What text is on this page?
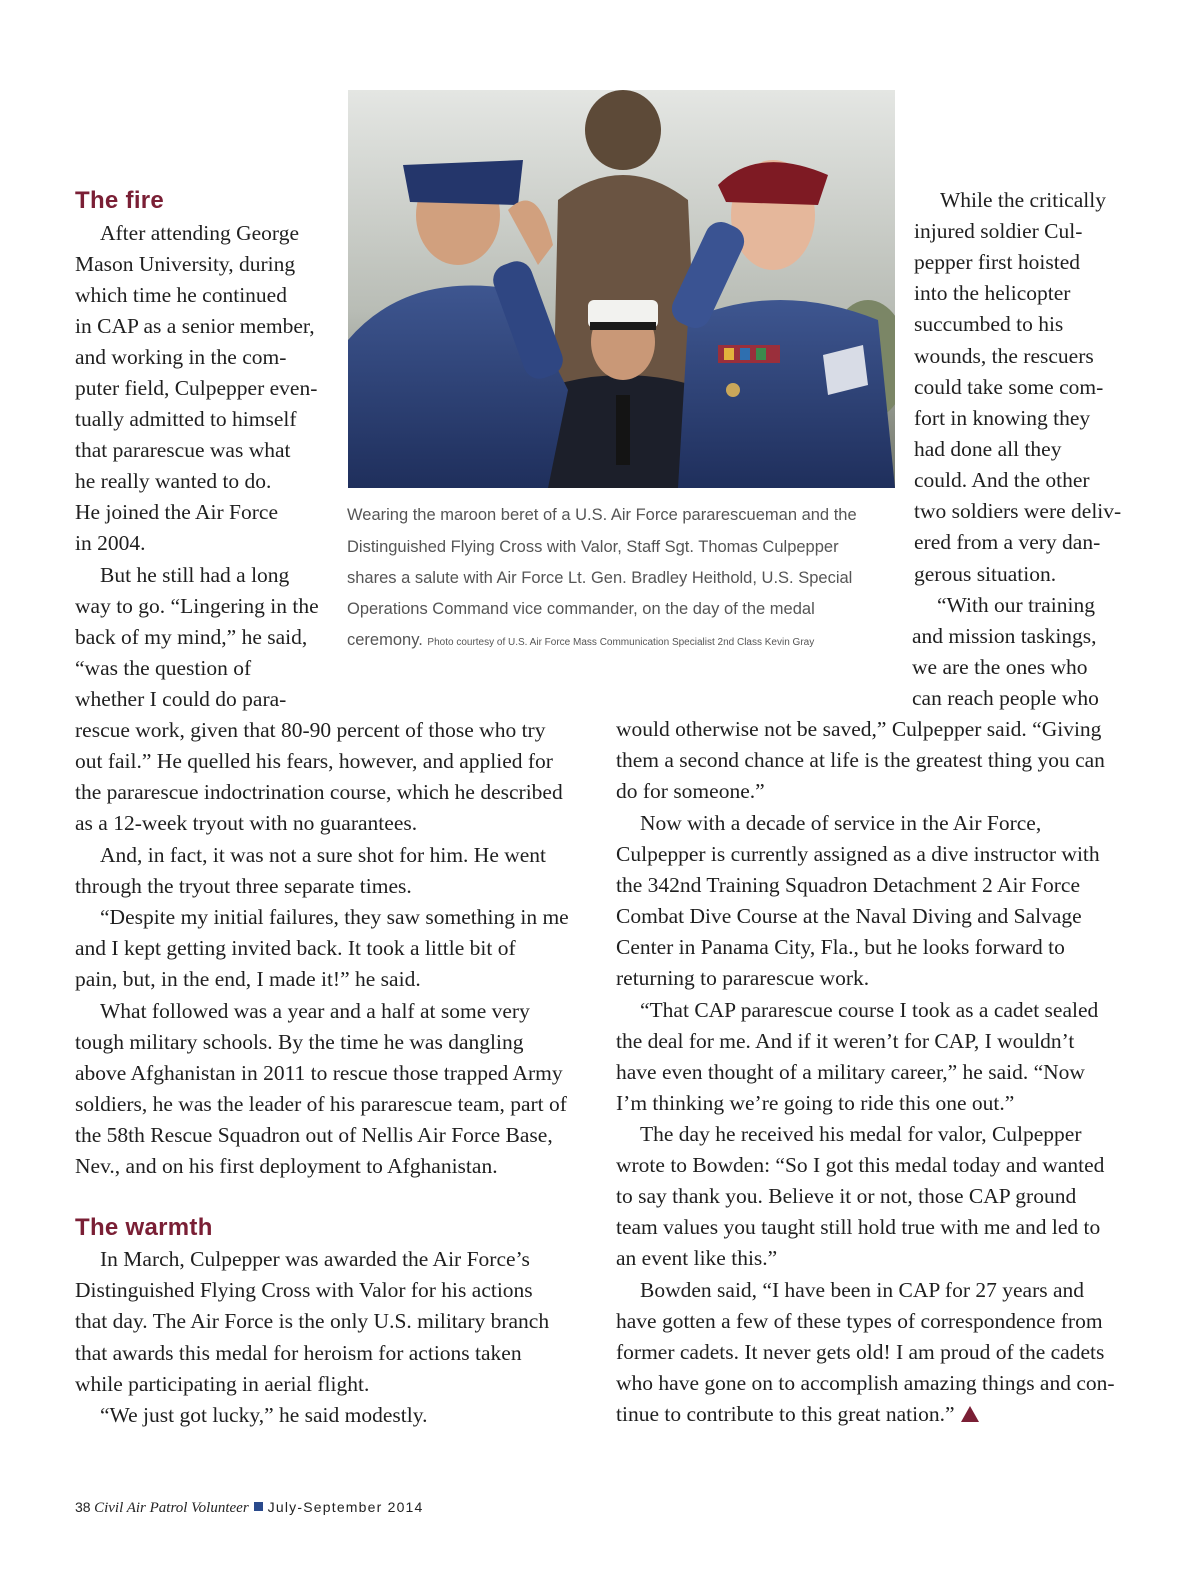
The fire
The warmth
After attending George
Mason University, during
which time he continued
in CAP as a senior member,
and working in the com-
puter field, Culpepper even-
tually admitted to himself
that pararescue was what
he really wanted to do.
He joined the Air Force
in 2004.
But he still had a long
way to go. “Lingering in the
back of my mind,” he said,
“was the question of
whether I could do para-
rescue work, given that 80-90 percent of those who try
out fail.” He quelled his fears, however, and applied for
the pararescue indoctrination course, which he described
as a 12-week tryout with no guarantees.
And, in fact, it was not a sure shot for him. He went
through the tryout three separate times.
“Despite my initial failures, they saw something in me
and I kept getting invited back. It took a little bit of
pain, but, in the end, I made it!” he said.
What followed was a year and a half at some very
tough military schools. By the time he was dangling
above Afghanistan in 2011 to rescue those trapped Army
soldiers, he was the leader of his pararescue team, part of
the 58th Rescue Squadron out of Nellis Air Force Base,
Nev., and on his first deployment to Afghanistan.
In March, Culpepper was awarded the Air Force’s
Distinguished Flying Cross with Valor for his actions
that day. The Air Force is the only U.S. military branch
that awards this medal for heroism for actions taken
while participating in aerial flight.
“We just got lucky,” he said modestly.
While the critically
injured soldier Cul-
pepper first hoisted
into the helicopter
succumbed to his
wounds, the rescuers
could take some com-
fort in knowing they
had done all they
could. And the other
two soldiers were deliv-
ered from a very dan-
gerous situation.
“With our training
and mission taskings,
we are the ones who
can reach people who
would otherwise not be saved,” Culpepper said. “Giving
them a second chance at life is the greatest thing you can
do for someone.”
Now with a decade of service in the Air Force,
Culpepper is currently assigned as a dive instructor with
the 342nd Training Squadron Detachment 2 Air Force
Combat Dive Course at the Naval Diving and Salvage
Center in Panama City, Fla., but he looks forward to
returning to pararescue work.
“That CAP pararescue course I took as a cadet sealed
the deal for me. And if it weren’t for CAP, I wouldn’t
have even thought of a military career,” he said. “Now
I’m thinking we’re going to ride this one out.”
The day he received his medal for valor, Culpepper
wrote to Bowden: “So I got this medal today and wanted
to say thank you. Believe it or not, those CAP ground
team values you taught still hold true with me and led to
an event like this.”
Bowden said, “I have been in CAP for 27 years and
have gotten a few of these types of correspondence from
former cadets. It never gets old! I am proud of the cadets
who have gone on to accomplish amazing things and con-
tinue to contribute to this great nation.”
Wearing the maroon beret of a U.S. Air Force pararescueman and the
Distinguished Flying Cross with Valor, Staff Sgt. Thomas Culpepper
shares a salute with Air Force Lt. Gen. Bradley Heithold, U.S. Special
Operations Command vice commander, on the day of the medal
ceremony. Photo courtesy of U.S. Air Force Mass Communication Specialist 2nd Class Kevin Gray
38 Civil Air Patrol Volunteer July-September 2014
